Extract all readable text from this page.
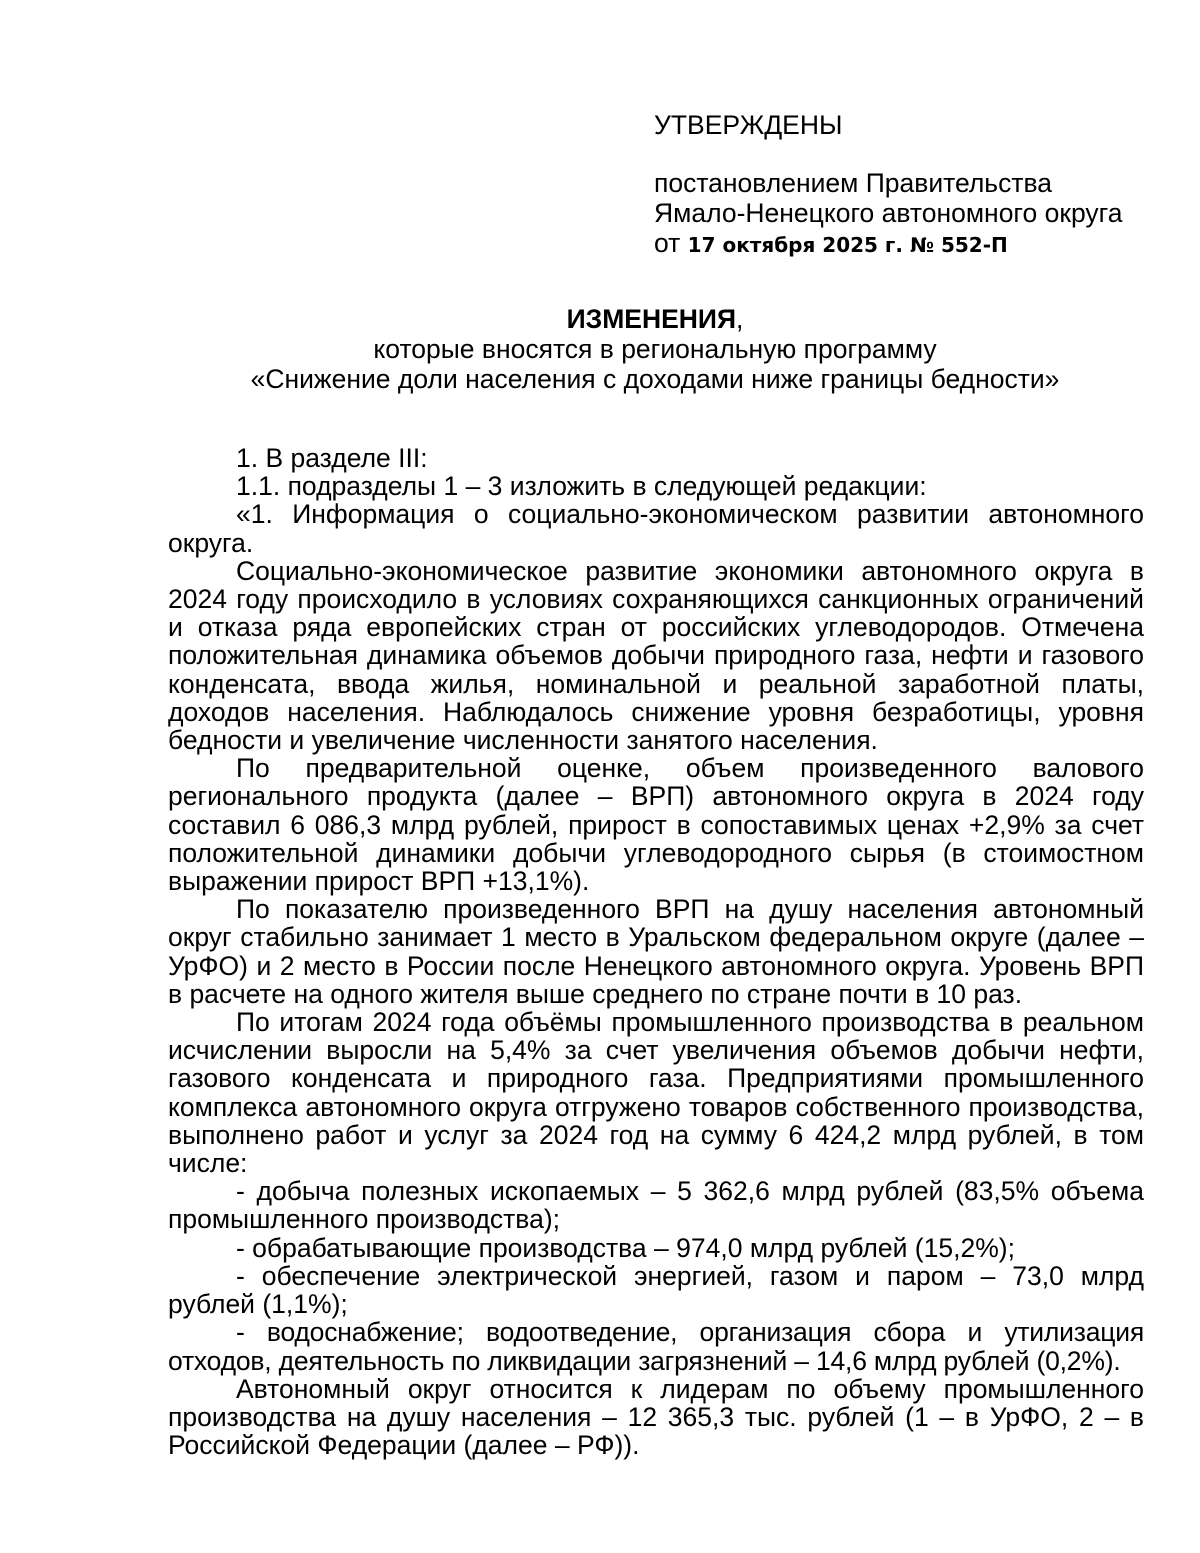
УТВЕРЖДЕНЫ

постановлением Правительства
Ямало-Ненецкого автономного округа
от 17 октября 2025 г. № 552-П
ИЗМЕНЕНИЯ,
которые вносятся в региональную программу
«Снижение доли населения с доходами ниже границы бедности»

1. В разделе III:

1.1. подразделы 1 – 3 изложить в следующей редакции:

«1. Информация о социально-экономическом развитии автономного округа.

Социально-экономическое развитие экономики автономного округа в 2024 году происходило в условиях сохраняющихся санкционных ограничений и отказа ряда европейских стран от российских углеводородов. Отмечена положительная динамика объемов добычи природного газа, нефти и газового конденсата, ввода жилья, номинальной и реальной заработной платы, доходов населения. Наблюдалось снижение уровня безработицы, уровня бедности и увеличение численности занятого населения.

По предварительной оценке, объем произведенного валового регионального продукта (далее – ВРП) автономного округа в 2024 году составил 6 086,3 млрд рублей, прирост в сопоставимых ценах +2,9% за счет положительной динамики добычи углеводородного сырья (в стоимостном выражении прирост ВРП +13,1%).

По показателю произведенного ВРП на душу населения автономный округ стабильно занимает 1 место в Уральском федеральном округе (далее – УрФО) и 2 место в России после Ненецкого автономного округа. Уровень ВРП в расчете на одного жителя выше среднего по стране почти в 10 раз.

По итогам 2024 года объёмы промышленного производства в реальном исчислении выросли на 5,4% за счет увеличения объемов добычи нефти, газового конденсата и природного газа. Предприятиями промышленного комплекса автономного округа отгружено товаров собственного производства, выполнено работ и услуг за 2024 год на сумму 6 424,2 млрд рублей, в том числе:

- добыча полезных ископаемых – 5 362,6 млрд рублей (83,5% объема промышленного производства);

- обрабатывающие производства – 974,0 млрд рублей (15,2%);

- обеспечение электрической энергией, газом и паром – 73,0 млрд рублей (1,1%);

- водоснабжение; водоотведение, организация сбора и утилизация отходов, деятельность по ликвидации загрязнений – 14,6 млрд рублей (0,2%).

Автономный округ относится к лидерам по объему промышленного производства на душу населения – 12 365,3 тыс. рублей (1 – в УрФО, 2 – в Российской Федерации (далее – РФ)).
